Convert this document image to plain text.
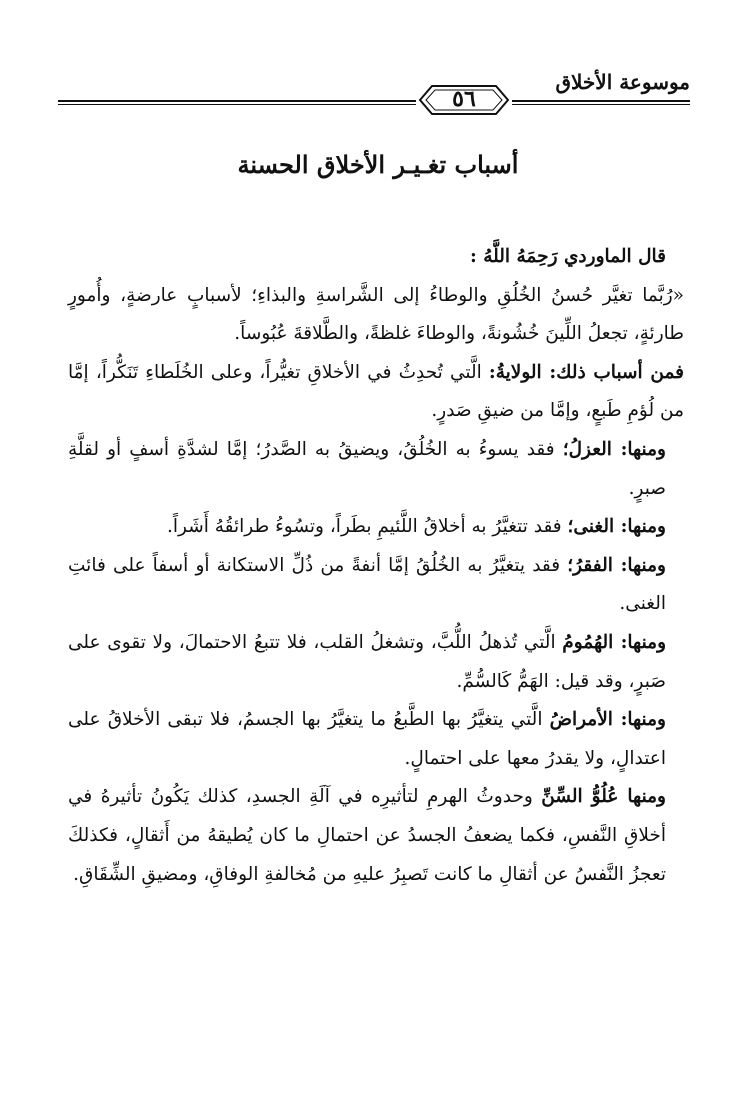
موسوعة الأخلاق
٥٦
أسباب تغـيـر الأخلاق الحسنة

قال الماوردي رَحِمَهُ اللَّهُ :

«رُبَّما تغيَّر حُسنُ الخُلُقِ والوطاءُ إلى الشَّراسةِ والبذاءِ؛ لأسبابٍ عارضةٍ، وأُمورٍ طارئةٍ، تجعلُ اللِّينَ خُشُونةً، والوطاءَ غلظةً، والطَّلاقةَ عُبُوساً.

فمن أسباب ذلك: الولايةُ: الَّتي تُحدِثُ في الأخلاقِ تغيُّراً، وعلى الخُلَطاءِ تَنَكُّراً، إمَّا من لُؤمِ طَبعٍ، وإمَّا من ضيقِ صَدرٍ.

ومنها: العزلُ؛ فقد يسوءُ به الخُلُقُ، ويضيقُ به الصَّدرُ؛ إمَّا لشدَّةِ أسفٍ أو لقلَّةِ صبرٍ.

ومنها: الغنى؛ فقد تتغيَّرُ به أخلاقُ اللَّئيمِ بطَراً، وتسُوءُ طرائقُهُ أَشَراً.

ومنها: الفقرُ؛ فقد يتغيَّرُ به الخُلُقُ إمَّا أنفةً من ذُلِّ الاستكانة أو أسفاً على فائتِ الغنى.

ومنها: الهُمُومُ الَّتي تُذهلُ اللُّبَّ، وتشغلُ القلب، فلا تتبعُ الاحتمالَ، ولا تقوى على صَبرٍ، وقد قيل: الهَمُّ كَالسُّمِّ.

ومنها: الأمراضُ الَّتي يتغيَّرُ بها الطَّبعُ ما يتغيَّرُ بها الجسمُ، فلا تبقى الأخلاقُ على اعتدالٍ، ولا يقدرُ معها على احتمالٍ.

ومنها عُلُوُّ السِّنِّ وحدوثُ الهرمِ لتأثيرِه في آلَةِ الجسدِ، كذلك يَكُونُ تأثيرهُ في أخلاقِ النَّفسِ، فكما يضعفُ الجسدُ عن احتمالِ ما كان يُطيقهُ من أَثقالٍ، فكذلكَ تعجزُ النَّفسُ عن أثقالِ ما كانت تَصبِرُ عليهِ من مُخالفةِ الوفاقِ، ومضيقِ الشِّقَاقِ.
